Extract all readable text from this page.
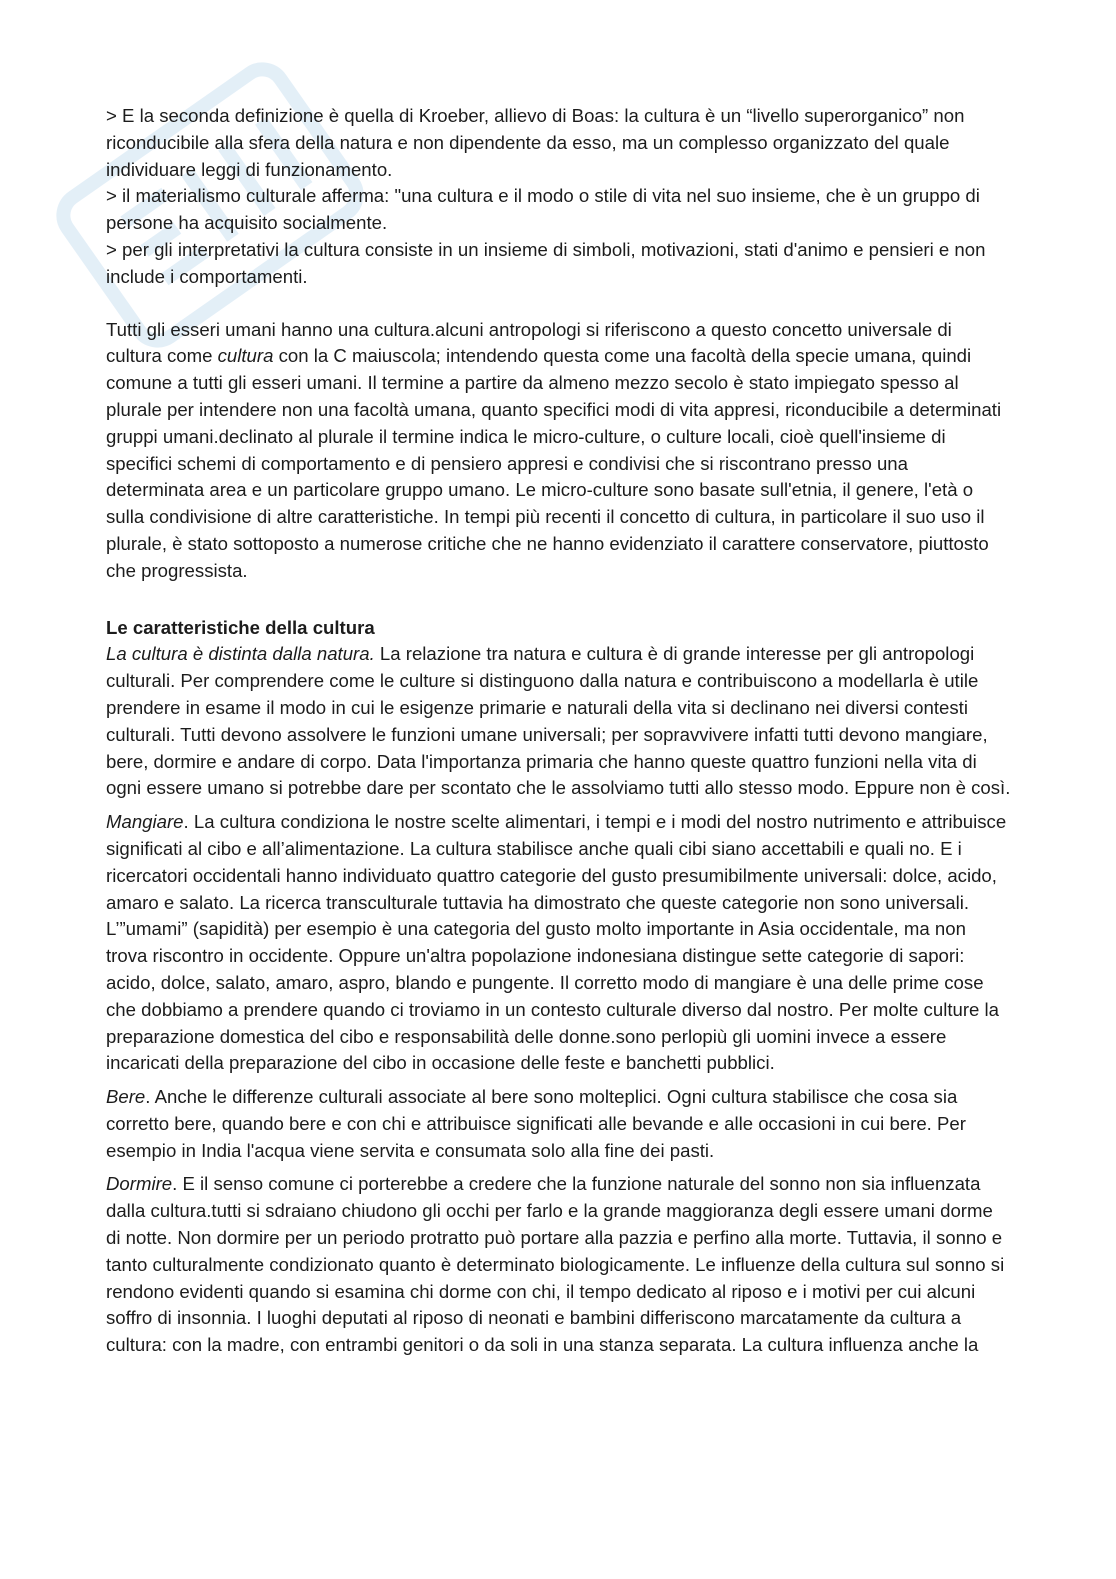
> E la seconda definizione è quella di Kroeber, allievo di Boas: la cultura è un “livello superorganico” non riconducibile alla sfera della natura e non dipendente da esso, ma un complesso organizzato del quale individuare leggi di funzionamento.

> il materialismo culturale afferma: "una cultura e il modo o stile di vita nel suo insieme, che è un gruppo di persone ha acquisito socialmente.

> per gli interpretativi la cultura consiste in un insieme di simboli, motivazioni, stati d'animo e pensieri e non include i comportamenti.

Tutti gli esseri umani hanno una cultura.alcuni antropologi si riferiscono a questo concetto universale di cultura come cultura con la C maiuscola; intendendo questa come una facoltà della specie umana, quindi comune a tutti gli esseri umani. Il termine a partire da almeno mezzo secolo è stato impiegato spesso al plurale per intendere non una facoltà umana, quanto specifici modi di vita appresi, riconducibile a determinati gruppi umani.declinato al plurale il termine indica le micro-culture, o culture locali, cioè quell'insieme di specifici schemi di comportamento e di pensiero appresi e condivisi che si riscontrano presso una determinata area e un particolare gruppo umano. Le micro-culture sono basate sull'etnia, il genere, l'età o sulla condivisione di altre caratteristiche. In tempi più recenti il concetto di cultura, in particolare il suo uso il plurale, è stato sottoposto a numerose critiche che ne hanno evidenziato il carattere conservatore, piuttosto che progressista.

Le caratteristiche della cultura

La cultura è distinta dalla natura. La relazione tra natura e cultura è di grande interesse per gli antropologi culturali. Per comprendere come le culture si distinguono dalla natura e contribuiscono a modellarla è utile prendere in esame il modo in cui le esigenze primarie e naturali della vita si declinano nei diversi contesti culturali. Tutti devono assolvere le funzioni umane universali; per sopravvivere infatti tutti devono mangiare, bere, dormire e andare di corpo. Data l'importanza primaria che hanno queste quattro funzioni nella vita di ogni essere umano si potrebbe dare per scontato che le assolviamo tutti allo stesso modo. Eppure non è così.

Mangiare. La cultura condiziona le nostre scelte alimentari, i tempi e i modi del nostro nutrimento e attribuisce significati al cibo e all’alimentazione. La cultura stabilisce anche quali cibi siano accettabili e quali no. E i ricercatori occidentali hanno individuato quattro categorie del gusto presumibilmente universali: dolce, acido, amaro e salato. La ricerca transculturale tuttavia ha dimostrato che queste categorie non sono universali. L’”umami” (sapidità) per esempio è una categoria del gusto molto importante in Asia occidentale, ma non trova riscontro in occidente. Oppure un'altra popolazione indonesiana distingue sette categorie di sapori: acido, dolce, salato, amaro, aspro, blando e pungente. Il corretto modo di mangiare è una delle prime cose che dobbiamo a prendere quando ci troviamo in un contesto culturale diverso dal nostro. Per molte culture la preparazione domestica del cibo e responsabilità delle donne.sono perlopiù gli uomini invece a essere incaricati della preparazione del cibo in occasione delle feste e banchetti pubblici.

Bere. Anche le differenze culturali associate al bere sono molteplici. Ogni cultura stabilisce che cosa sia corretto bere, quando bere e con chi e attribuisce significati alle bevande e alle occasioni in cui bere. Per esempio in India l'acqua viene servita e consumata solo alla fine dei pasti.

Dormire. E il senso comune ci porterebbe a credere che la funzione naturale del sonno non sia influenzata dalla cultura.tutti si sdraiano chiudono gli occhi per farlo e la grande maggioranza degli essere umani dorme di notte. Non dormire per un periodo protratto può portare alla pazzia e perfino alla morte. Tuttavia, il sonno e tanto culturalmente condizionato quanto è determinato biologicamente. Le influenze della cultura sul sonno si rendono evidenti quando si esamina chi dorme con chi, il tempo dedicato al riposo e i motivi per cui alcuni soffro di insonnia. I luoghi deputati al riposo di neonati e bambini differiscono marcatamente da cultura a cultura: con la madre, con entrambi genitori o da soli in una stanza separata. La cultura influenza anche la
